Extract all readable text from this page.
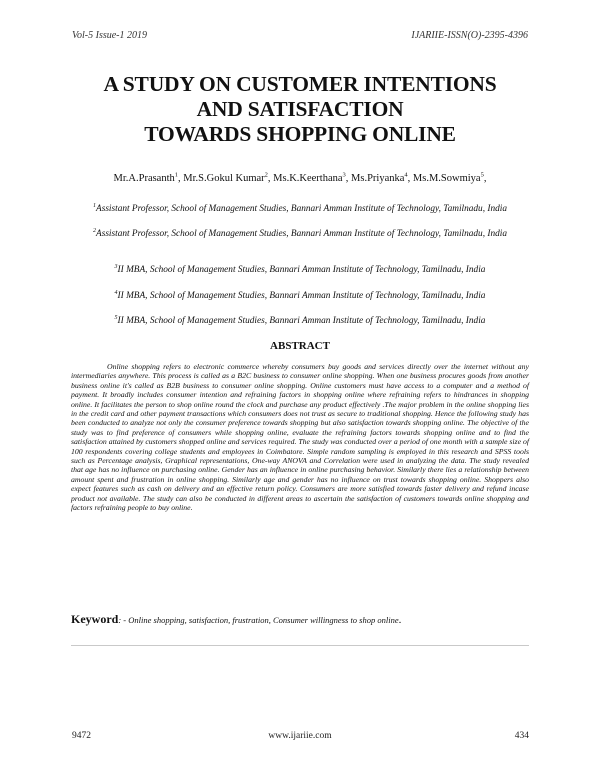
Vol-5 Issue-1 2019	IJARIIE-ISSN(O)-2395-4396
A STUDY ON CUSTOMER INTENTIONS
AND SATISFACTION
TOWARDS SHOPPING ONLINE
Mr.A.Prasanth$^1$, Mr.S.Gokul Kumar$^2$, Ms.K.Keerthana$^3$, Ms.Priyanka$^4$, Ms.M.Sowmiya$^5$,
$^1$Assistant Professor, School of Management Studies, Bannari Amman Institute of Technology, Tamilnadu, India
$^2$Assistant Professor, School of Management Studies, Bannari Amman Institute of Technology, Tamilnadu, India
$^3$II MBA, School of Management Studies, Bannari Amman Institute of Technology, Tamilnadu, India
$^4$II MBA, School of Management Studies, Bannari Amman Institute of Technology, Tamilnadu, India
$^5$II MBA, School of Management Studies, Bannari Amman Institute of Technology, Tamilnadu, India
ABSTRACT
Online shopping refers to electronic commerce whereby consumers buy goods and services directly over the internet without any intermediaries anywhere. This process is called as a B2C business to consumer online shopping. When one business procures goods from another business online it's called as B2B business to consumer online shopping. Online customers must have access to a computer and a method of payment. It broadly includes consumer intention and refraining factors in shopping online where refraining refers to hindrances in shopping online. It facilitates the person to shop online round the clock and purchase any product effectively .The major problem in the online shopping lies in the credit card and other payment transactions which consumers does not trust as secure to traditional shopping. Hence the following study has been conducted to analyze not only the consumer preference towards shopping but also satisfaction towards shopping online. The objective of the study was to find preference of consumers while shopping online, evaluate the refraining factors towards shopping online and to find the satisfaction attained by customers shopped online and services required. The study was conducted over a period of one month with a sample size of 100 respondents covering college students and employees in Coimbatore. Simple random sampling is employed in this research and SPSS tools such as Percentage analysis, Graphical representations, One-way ANOVA and Correlation were used in analyzing the data. The study revealed that age has no influence on purchasing online. Gender has an influence in online purchasing behavior. Similarly there lies a relationship between amount spent and frustration in online shopping. Similarly age and gender has no influence on trust towards shopping online. Shoppers also expect features such as cash on delivery and an effective return policy. Consumers are more satisfied towards faster delivery and refund incase product not available. The study can also be conducted in different areas to ascertain the satisfaction of customers towards online shopping and factors refraining people to buy online.
Keyword: - Online shopping, satisfaction, frustration, Consumer willingness to shop online.
9472	www.ijariie.com	434
